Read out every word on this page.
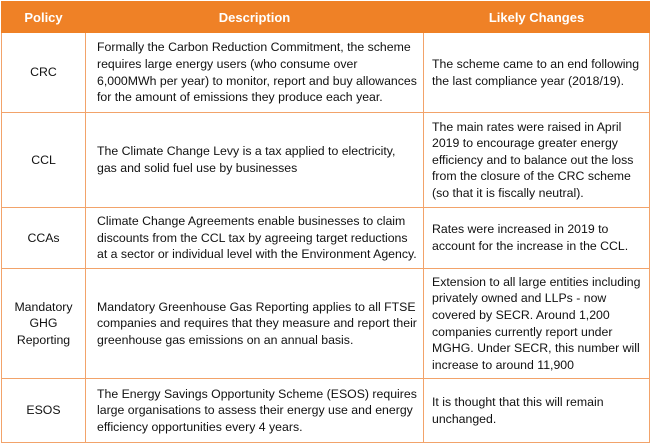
Policy	Description	Likely Changes

CRC	Formally the Carbon Reduction Commitment, the scheme requires large energy users (who consume over 6,000MWh per year) to monitor, report and buy allowances for the amount of emissions they produce each year.	The scheme came to an end following the last compliance year (2018/19).

CCL	The Climate Change Levy is a tax applied to electricity, gas and solid fuel use by businesses	The main rates were raised in April 2019 to encourage greater energy efficiency and to balance out the loss from the closure of the CRC scheme (so that it is fiscally neutral).

CCAs	Climate Change Agreements enable businesses to claim discounts from the CCL tax by agreeing target reductions at a sector or individual level with the Environment Agency.	Rates were increased in 2019 to account for the increase in the CCL.

Mandatory
GHG
Reporting	Mandatory Greenhouse Gas Reporting applies to all FTSE companies and requires that they measure and report their greenhouse gas emissions on an annual basis.	Extension to all large entities including privately owned and LLPs - now covered by SECR. Around 1,200 companies currently report under MGHG. Under SECR, this number will increase to around 11,900

ESOS	The Energy Savings Opportunity Scheme (ESOS) requires large organisations to assess their energy use and energy efficiency opportunities every 4 years.	It is thought that this will remain unchanged.
